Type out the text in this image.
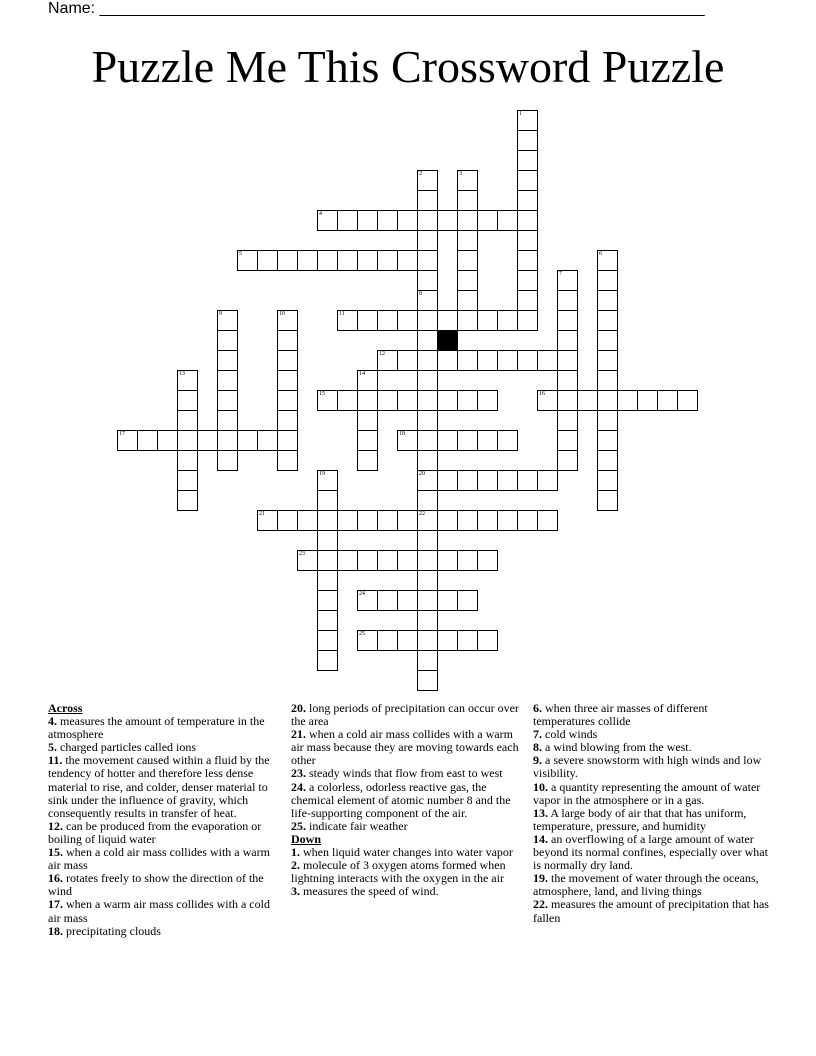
Name: ____________________________________________________________________
Puzzle Me This Crossword Puzzle
1
2	3
4
5	6
7
8
20
22
9	10	11
12
13	14
15	16
17	18
19
21
23
24
25
Across
4. measures the amount of temperature in the atmosphere
5. charged particles called ions
11. the movement caused within a fluid by the tendency of hotter and therefore less dense material to rise, and colder, denser material to sink under the influence of gravity, which consequently results in transfer of heat.
12. can be produced from the evaporation or boiling of liquid water
15. when a cold air mass collides with a warm air mass
16. rotates freely to show the direction of the wind
17. when a warm air mass collides with a cold air mass
18. precipitating clouds
20. long periods of precipitation can occur over the area
21. when a cold air mass collides with a warm air mass because they are moving towards each other
23. steady winds that flow from east to west
24. a colorless, odorless reactive gas, the chemical element of atomic number 8 and the life-supporting component of the air.
25. indicate fair weather
Down
1. when liquid water changes into water vapor
2. molecule of 3 oxygen atoms formed when lightning interacts with the oxygen in the air
3. measures the speed of wind.
6. when three air masses of different temperatures collide
7. cold winds
8. a wind blowing from the west.
9. a severe snowstorm with high winds and low visibility.
10. a quantity representing the amount of water vapor in the atmosphere or in a gas.
13. A large body of air that that has uniform, temperature, pressure, and humidity
14. an overflowing of a large amount of water beyond its normal confines, especially over what is normally dry land.
19. the movement of water through the oceans, atmosphere, land, and living things
22. measures the amount of precipitation that has fallen
